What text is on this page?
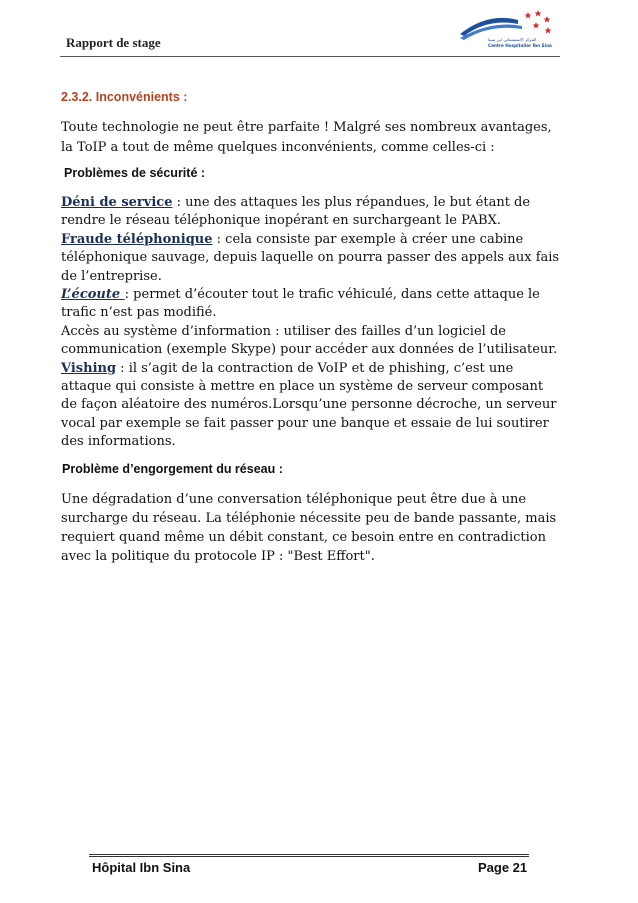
Rapport de stage	المركز الاستشفائي ابن سينا
Centre Hospitalier Ibn Sina
2.3.2. Inconvénients :

Toute technologie ne peut être parfaite ! Malgré ses nombreux avantages, la ToIP a tout de même quelques inconvénients, comme celles-ci :

Problèmes de sécurité :

Déni de service : une des attaques les plus répandues, le but étant de rendre le réseau téléphonique inopérant en surchargeant le PABX.

Fraude téléphonique : cela consiste par exemple à créer une cabine téléphonique sauvage, depuis laquelle on pourra passer des appels aux fais de l’entreprise.

L’écoute : permet d’écouter tout le trafic véhiculé, dans cette attaque le trafic n’est pas modifié.

Accès au système d’information : utiliser des failles d’un logiciel de communication (exemple Skype) pour accéder aux données de l’utilisateur.

Vishing : il s’agit de la contraction de VoIP et de phishing, c’est une attaque qui consiste à mettre en place un système de serveur composant de façon aléatoire des numéros.Lorsqu’une personne décroche, un serveur vocal par exemple se fait passer pour une banque et essaie de lui soutirer des informations.

Problème d’engorgement du réseau :

Une dégradation d’une conversation téléphonique peut être due à une surcharge du réseau. La téléphonie nécessite peu de bande passante, mais requiert quand même un débit constant, ce besoin entre en contradiction avec la politique du protocole IP : "Best Effort".

Hôpital Ibn Sina	Page 21
